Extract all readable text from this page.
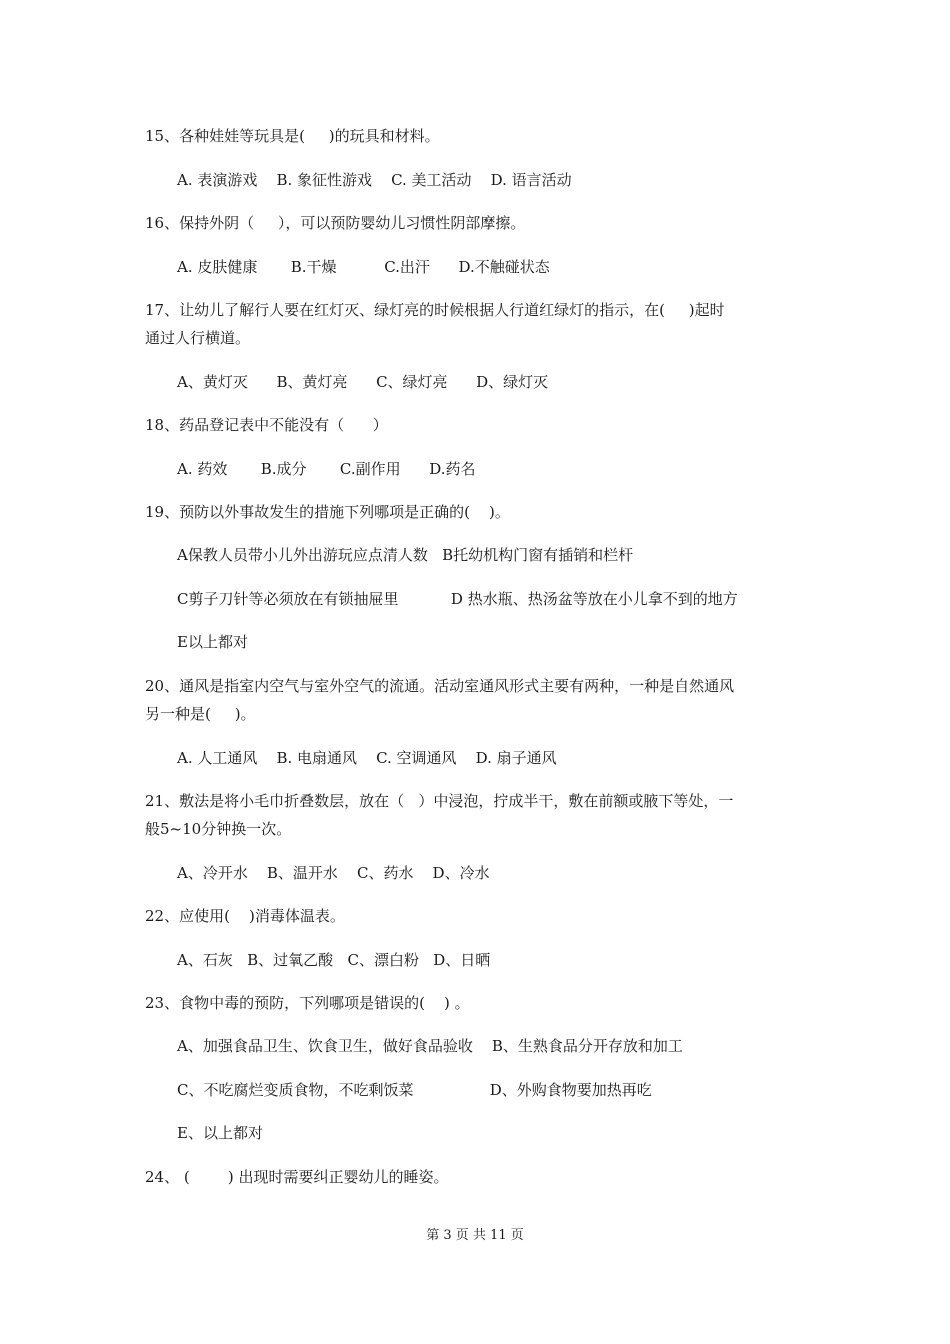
15、各种娃娃等玩具是(     )的玩具和材料。
A. 表演游戏    B. 象征性游戏    C. 美工活动    D. 语言活动
16、保持外阴（     ），可以预防婴幼儿习惯性阴部摩擦。
A. 皮肤健康       B.干燥          C.出汗      D.不触碰状态
17、让幼儿了解行人要在红灯灭、绿灯亮的时候根据人行道红绿灯的指示，在(     )起时
通过人行横道。
A、黄灯灭      B、黄灯亮      C、绿灯亮      D、绿灯灭
18、药品登记表中不能没有（      ）
A. 药效       B.成分       C.副作用      D.药名
19、预防以外事故发生的措施下列哪项是正确的(    )。
A保教人员带小儿外出游玩应点清人数   B托幼机构门窗有插销和栏杆
C剪子刀针等必须放在有锁抽屉里           D 热水瓶、热汤盆等放在小儿拿不到的地方
E以上都对
20、通风是指室内空气与室外空气的流通。活动室通风形式主要有两种，一种是自然通风
另一种是(     )。
A. 人工通风    B. 电扇通风    C. 空调通风    D. 扇子通风
21、敷法是将小毛巾折叠数层，放在（   ）中浸泡，拧成半干，敷在前额或腋下等处，一
般5~10分钟换一次。
A、冷开水    B、温开水    C、药水    D、冷水
22、应使用(    )消毒体温表。
A、石灰   B、过氧乙酸   C、漂白粉   D、日晒
23、食物中毒的预防，下列哪项是错误的(    ) 。
A、加强食品卫生、饮食卫生，做好食品验收    B、生熟食品分开存放和加工
C、不吃腐烂变质食物，不吃剩饭菜                D、外购食物要加热再吃
E、以上都对
24、 (        ) 出现时需要纠正婴幼儿的睡姿。
第 3 页 共 11 页
